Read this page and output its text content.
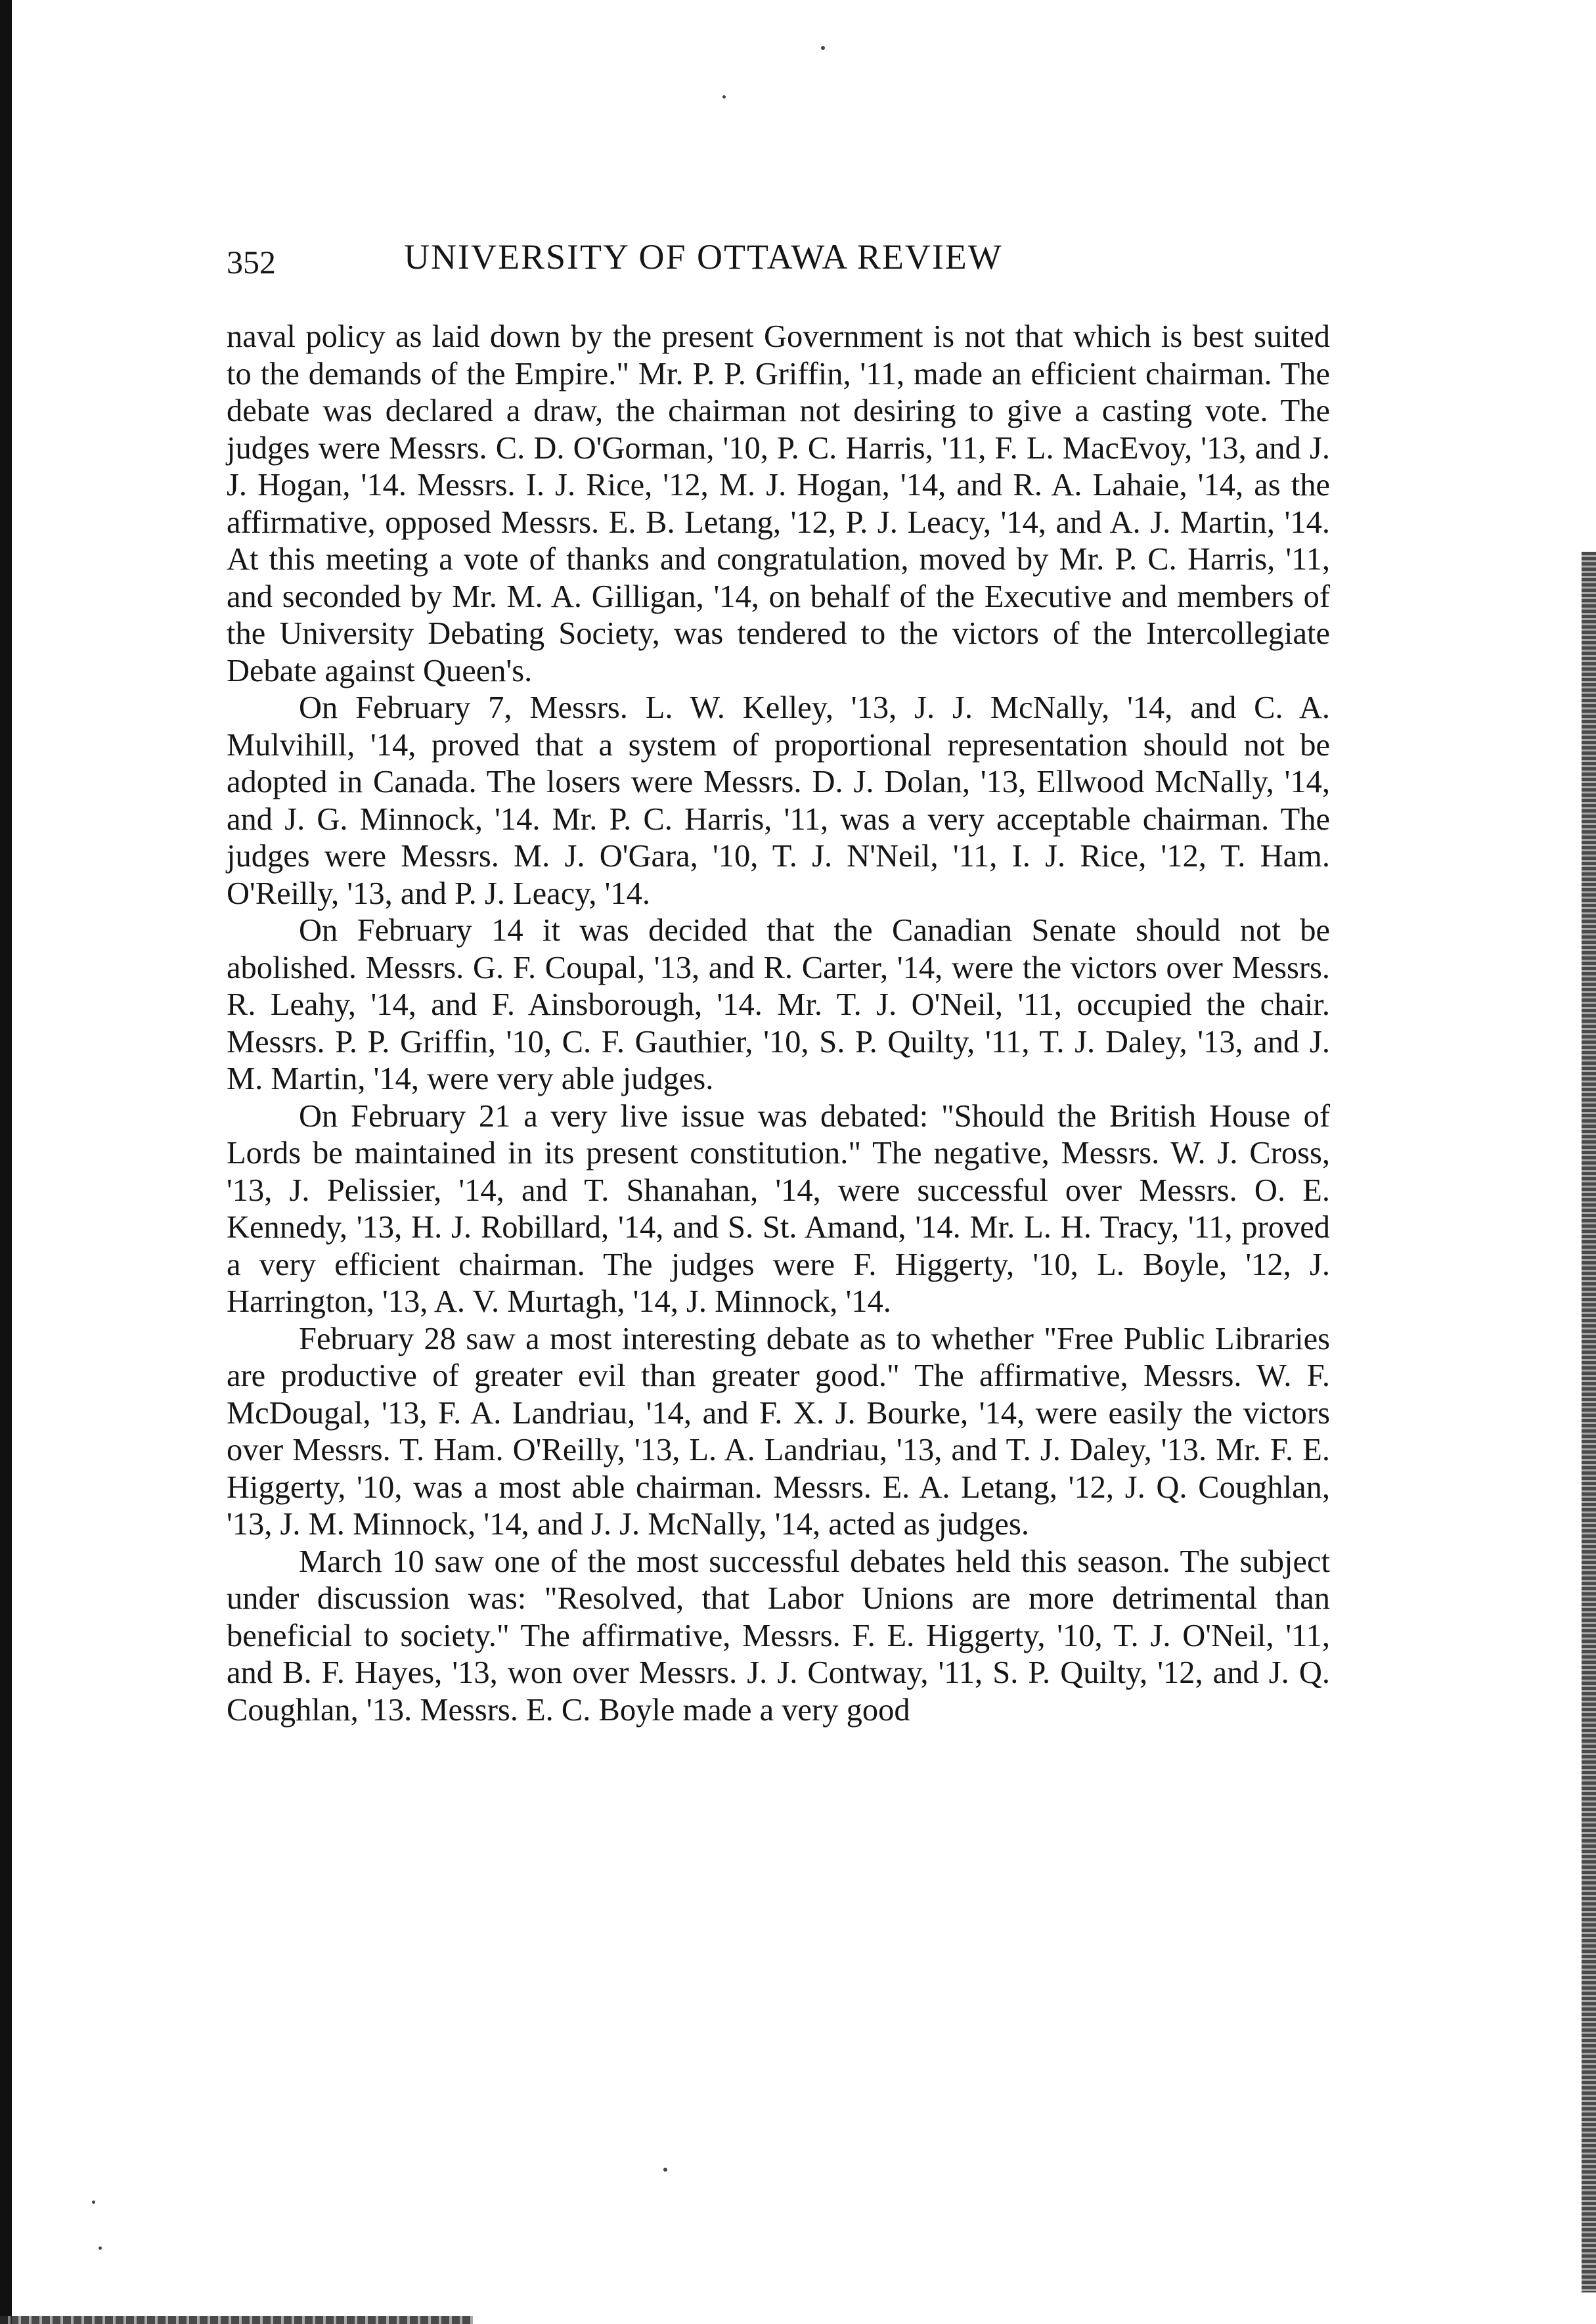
352	UNIVERSITY OF OTTAWA REVIEW

naval policy as laid down by the present Government is not that which is best suited to the demands of the Empire." Mr. P. P. Griffin, '11, made an efficient chairman. The debate was declared a draw, the chairman not desiring to give a casting vote. The judges were Messrs. C. D. O'Gorman, '10, P. C. Harris, '11, F. L. MacEvoy, '13, and J. J. Hogan, '14. Messrs. I. J. Rice, '12, M. J. Hogan, '14, and R. A. Lahaie, '14, as the affirmative, opposed Messrs. E. B. Letang, '12, P. J. Leacy, '14, and A. J. Martin, '14. At this meeting a vote of thanks and congratulation, moved by Mr. P. C. Harris, '11, and seconded by Mr. M. A. Gilligan, '14, on behalf of the Executive and members of the University Debating Society, was tendered to the victors of the Intercollegiate Debate against Queen's.

On February 7, Messrs. L. W. Kelley, '13, J. J. McNally, '14, and C. A. Mulvihill, '14, proved that a system of proportional representation should not be adopted in Canada. The losers were Messrs. D. J. Dolan, '13, Ellwood McNally, '14, and J. G. Minnock, '14. Mr. P. C. Harris, '11, was a very acceptable chairman. The judges were Messrs. M. J. O'Gara, '10, T. J. N'Neil, '11, I. J. Rice, '12, T. Ham. O'Reilly, '13, and P. J. Leacy, '14.

On February 14 it was decided that the Canadian Senate should not be abolished. Messrs. G. F. Coupal, '13, and R. Carter, '14, were the victors over Messrs. R. Leahy, '14, and F. Ainsborough, '14. Mr. T. J. O'Neil, '11, occupied the chair. Messrs. P. P. Griffin, '10, C. F. Gauthier, '10, S. P. Quilty, '11, T. J. Daley, '13, and J. M. Martin, '14, were very able judges.

On February 21 a very live issue was debated: "Should the British House of Lords be maintained in its present constitution." The negative, Messrs. W. J. Cross, '13, J. Pelissier, '14, and T. Shanahan, '14, were successful over Messrs. O. E. Kennedy, '13, H. J. Robillard, '14, and S. St. Amand, '14. Mr. L. H. Tracy, '11, proved a very efficient chairman. The judges were F. Higgerty, '10, L. Boyle, '12, J. Harrington, '13, A. V. Murtagh, '14, J. Minnock, '14.

February 28 saw a most interesting debate as to whether "Free Public Libraries are productive of greater evil than greater good." The affirmative, Messrs. W. F. McDougal, '13, F. A. Landriau, '14, and F. X. J. Bourke, '14, were easily the victors over Messrs. T. Ham. O'Reilly, '13, L. A. Landriau, '13, and T. J. Daley, '13. Mr. F. E. Higgerty, '10, was a most able chairman. Messrs. E. A. Letang, '12, J. Q. Coughlan, '13, J. M. Minnock, '14, and J. J. McNally, '14, acted as judges.

March 10 saw one of the most successful debates held this season. The subject under discussion was: "Resolved, that Labor Unions are more detrimental than beneficial to society." The affirmative, Messrs. F. E. Higgerty, '10, T. J. O'Neil, '11, and B. F. Hayes, '13, won over Messrs. J. J. Contway, '11, S. P. Quilty, '12, and J. Q. Coughlan, '13. Messrs. E. C. Boyle made a very good
